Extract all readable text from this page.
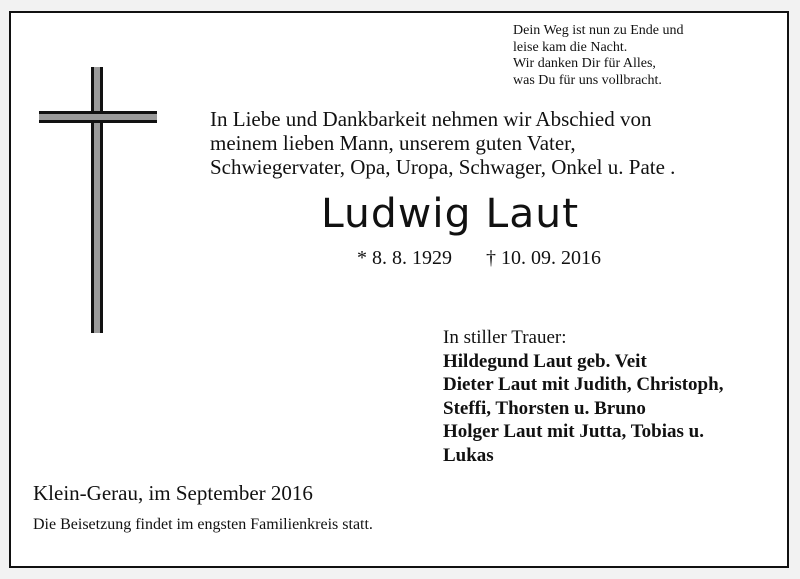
Dein Weg ist nun zu Ende und
leise kam die Nacht.
Wir danken Dir für Alles,
was Du für uns vollbracht.
In Liebe und Dankbarkeit nehmen wir Abschied von
meinem lieben Mann, unserem guten Vater,
Schwiegervater, Opa, Uropa, Schwager, Onkel u. Pate .
Ludwig Laut
* 8. 8. 1929 † 10. 09. 2016
In stiller Trauer:
Hildegund Laut geb. Veit
Dieter Laut mit Judith, Christoph,
Steffi, Thorsten u. Bruno
Holger Laut mit Jutta, Tobias u.
Lukas
Klein-Gerau, im September 2016
Die Beisetzung findet im engsten Familienkreis statt.
